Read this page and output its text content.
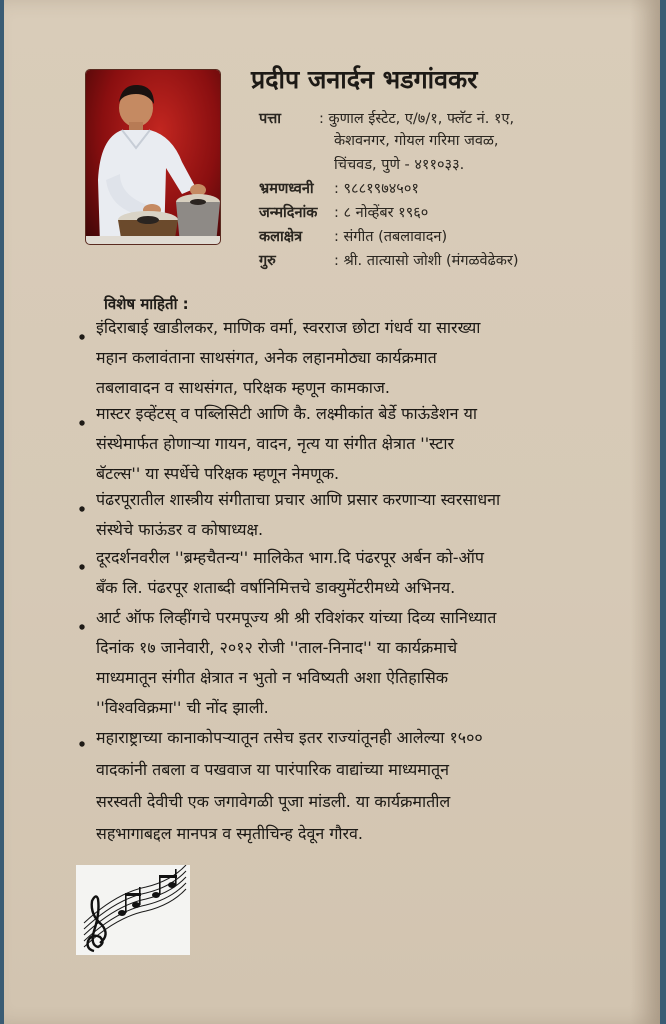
प्रदीप जनार्दन भडगांवकर
पत्ता	: कुणाल ईस्टेट, ए/७/१, फ्लॅट नं. १ए,
केशवनगर, गोयल गरिमा जवळ,
चिंचवड, पुणे - ४११०३३.
भ्रमणध्वनी : ९८८१९७४५०१
जन्मदिनांक : ८ नोव्हेंबर १९६०
कलाक्षेत्र : संगीत (तबलावादन)
गुरु	: श्री. तात्यासो जोशी (मंगळवेढेकर)
विशेष माहिती :
इंदिराबाई खाडीलकर, माणिक वर्मा, स्वरराज छोटा गंधर्व या सारख्या
महान कलावंताना साथसंगत, अनेक लहानमोठ्या कार्यक्रमात
तबलावादन व साथसंगत, परिक्षक म्हणून कामकाज.
मास्टर इव्हेंटस् व पब्लिसिटी आणि कै. लक्ष्मीकांत बेर्डे फाऊंडेशन या
संस्थेमार्फत होणाऱ्या गायन, वादन, नृत्य या संगीत क्षेत्रात ''स्टार
बॅटल्स'' या स्पर्धेचे परिक्षक म्हणून नेमणूक.
पंढरपूरातील शास्त्रीय संगीताचा प्रचार आणि प्रसार करणाऱ्या स्वरसाधना
संस्थेचे फाऊंडर व कोषाध्यक्ष.
दूरदर्शनवरील ''ब्रम्हचैतन्य'' मालिकेत भाग.दि पंढरपूर अर्बन को-ऑप
बँक लि. पंढरपूर शताब्दी वर्षानिमित्तचे डाक्युमेंटरीमध्ये अभिनय.
आर्ट ऑफ लिव्हींगचे परमपूज्य श्री श्री रविशंकर यांच्या दिव्य सानिध्यात
दिनांक १७ जानेवारी, २०१२ रोजी ''ताल-निनाद'' या कार्यक्रमाचे
माध्यमातून संगीत क्षेत्रात न भुतो न भविष्यती अशा ऐतिहासिक
''विश्वविक्रमा'' ची नोंद झाली.
महाराष्ट्राच्या कानाकोपऱ्यातून तसेच इतर राज्यांतूनही आलेल्या १५००
वादकांनी तबला व पखवाज या पारंपारिक वाद्यांच्या माध्यमातून
सरस्वती देवीची एक जगावेगळी पूजा मांडली. या कार्यक्रमातील
सहभागाबद्दल मानपत्र व स्मृतीचिन्ह देवून गौरव.
